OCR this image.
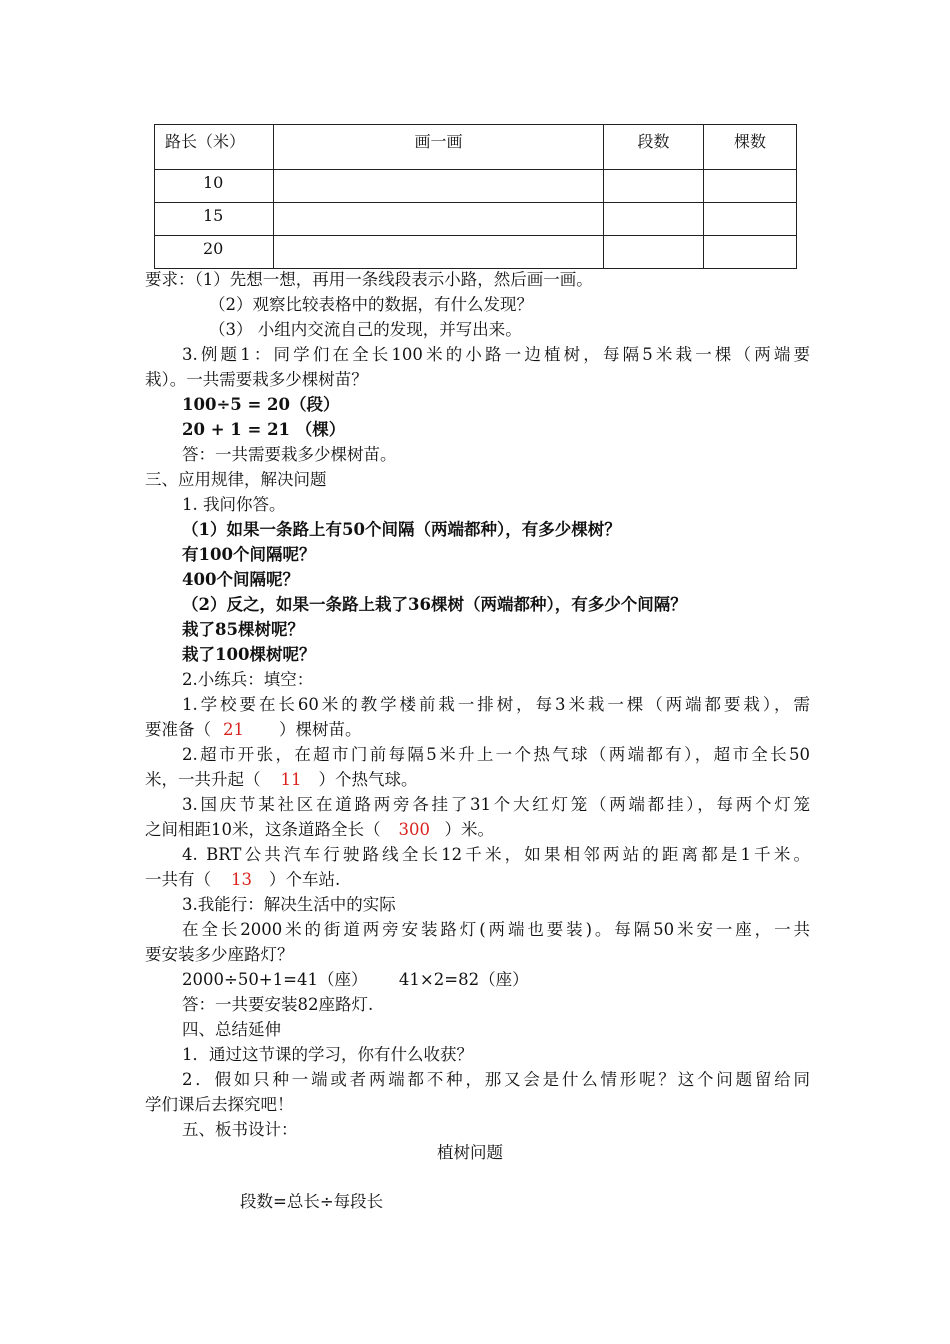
路长（米）	画一画	段数	棵数
10			
15			
20			
要求：（1）先想一想，再用一条线段表示小路，然后画一画。
（2）观察比较表格中的数据，有什么发现？
（3） 小组内交流自己的发现，并写出来。
3.例题1：同学们在全长100米的小路一边植树，每隔5米栽一棵（两端要
栽）。一共需要栽多少棵树苗？
100÷5 = 20（段）
20 + 1 = 21 （棵）
答：一共需要栽多少棵树苗。
三、应用规律，解决问题
1. 我问你答。
（1）如果一条路上有50个间隔（两端都种），有多少棵树？
有100个间隔呢？
400个间隔呢？
（2）反之，如果一条路上栽了36棵树（两端都种），有多少个间隔？
栽了85棵树呢？
栽了100棵树呢？
2.小练兵：填空：
1.学校要在长60米的教学楼前栽一排树，每3米栽一棵（两端都要栽），需
要准备（ 21 ）棵树苗。
2.超市开张，在超市门前每隔5米升上一个热气球（两端都有），超市全长50
米，一共升起（ 11 ）个热气球。
3.国庆节某社区在道路两旁各挂了31个大红灯笼（两端都挂），每两个灯笼
之间相距10米，这条道路全长（ 300 ）米。
4. BRT公共汽车行驶路线全长12千米，如果相邻两站的距离都是1千米。
一共有（ 13 ）个车站.
3.我能行：解决生活中的实际
在全长2000米的街道两旁安装路灯(两端也要装)。每隔50米安一座，一共
要安装多少座路灯？
2000÷50+1=41（座）      41×2=82（座）
答：一共要安装82座路灯.
四、总结延伸
1．通过这节课的学习，你有什么收获？
2．假如只种一端或者两端都不种，那又会是什么情形呢？这个问题留给同
学们课后去探究吧！
五、板书设计：
植树问题
段数=总长÷每段长
